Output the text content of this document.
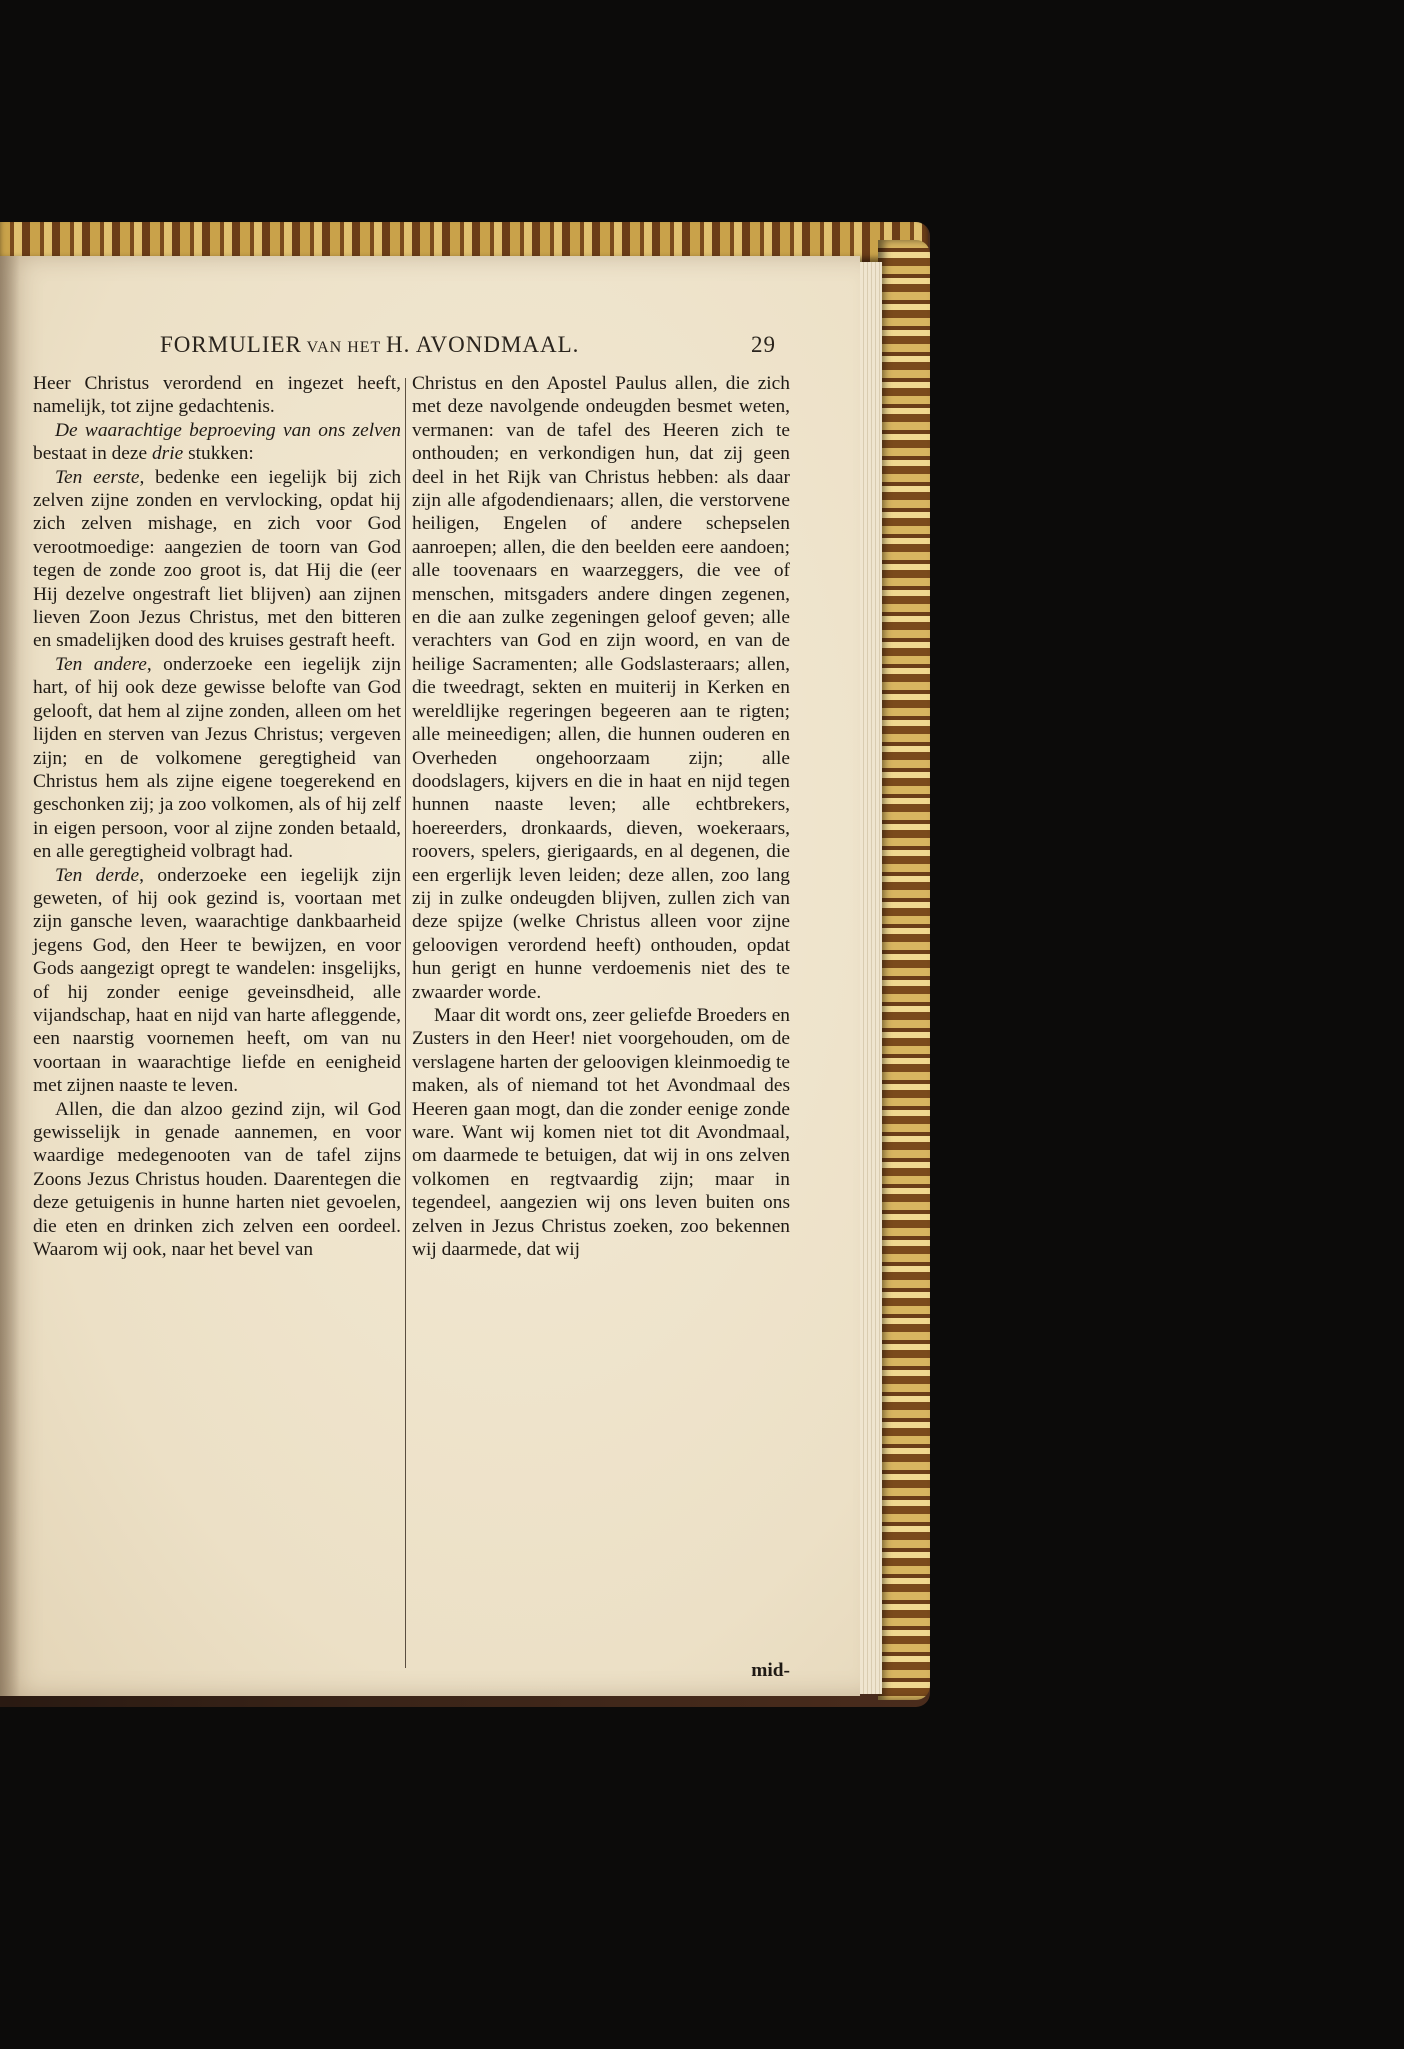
FORMULIER VAN HET H. AVONDMAAL.	29

Heer Christus verordend en ingezet heeft, namelijk, tot zijne gedachtenis.

De waarachtige beproeving van ons zelven bestaat in deze drie stukken:

Ten eerste, bedenke een iegelijk bij zich zelven zijne zonden en vervlocking, opdat hij zich zelven mishage, en zich voor God verootmoedige: aangezien de toorn van God tegen de zonde zoo groot is, dat Hij die (eer Hij dezelve ongestraft liet blijven) aan zijnen lieven Zoon Jezus Christus, met den bitteren en smadelijken dood des kruises gestraft heeft.

Ten andere, onderzoeke een iegelijk zijn hart, of hij ook deze gewisse belofte van God gelooft, dat hem al zijne zonden, alleen om het lijden en sterven van Jezus Christus; vergeven zijn; en de volkomene geregtigheid van Christus hem als zijne eigene toegerekend en geschonken zij; ja zoo volkomen, als of hij zelf in eigen persoon, voor al zijne zonden betaald, en alle geregtigheid volbragt had.

Ten derde, onderzoeke een iegelijk zijn geweten, of hij ook gezind is, voortaan met zijn gansche leven, waarachtige dankbaarheid jegens God, den Heer te bewijzen, en voor Gods aangezigt opregt te wandelen: insgelijks, of hij zonder eenige geveinsdheid, alle vijandschap, haat en nijd van harte afleggende, een naarstig voornemen heeft, om van nu voortaan in waarachtige liefde en eenigheid met zijnen naaste te leven.

Allen, die dan alzoo gezind zijn, wil God gewisselijk in genade aannemen, en voor waardige medegenooten van de tafel zijns Zoons Jezus Christus houden. Daarentegen die deze getuigenis in hunne harten niet gevoelen, die eten en drinken zich zelven een oordeel. Waarom wij ook, naar het bevel van

Christus en den Apostel Paulus allen, die zich met deze navolgende ondeugden besmet weten, vermanen: van de tafel des Heeren zich te onthouden; en verkondigen hun, dat zij geen deel in het Rijk van Christus hebben: als daar zijn alle afgodendienaars; allen, die verstorvene heiligen, Engelen of andere schepselen aanroepen; allen, die den beelden eere aandoen; alle toovenaars en waarzeggers, die vee of menschen, mitsgaders andere dingen zegenen, en die aan zulke zegeningen geloof geven; alle verachters van God en zijn woord, en van de heilige Sacramenten; alle Godslasteraars; allen, die tweedragt, sekten en muiterij in Kerken en wereldlijke regeringen begeeren aan te rigten; alle meineedigen; allen, die hunnen ouderen en Overheden ongehoorzaam zijn; alle doodslagers, kijvers en die in haat en nijd tegen hunnen naaste leven; alle echtbrekers, hoereerders, dronkaards, dieven, woekeraars, roovers, spelers, gierigaards, en al degenen, die een ergerlijk leven leiden; deze allen, zoo lang zij in zulke ondeugden blijven, zullen zich van deze spijze (welke Christus alleen voor zijne geloovigen verordend heeft) onthouden, opdat hun gerigt en hunne verdoemenis niet des te zwaarder worde.

Maar dit wordt ons, zeer geliefde Broeders en Zusters in den Heer! niet voorgehouden, om de verslagene harten der geloovigen kleinmoedig te maken, als of niemand tot het Avondmaal des Heeren gaan mogt, dan die zonder eenige zonde ware. Want wij komen niet tot dit Avondmaal, om daarmede te betuigen, dat wij in ons zelven volkomen en regtvaardig zijn; maar in tegendeel, aangezien wij ons leven buiten ons zelven in Jezus Christus zoeken, zoo bekennen wij daarmede, dat wij

mid-
